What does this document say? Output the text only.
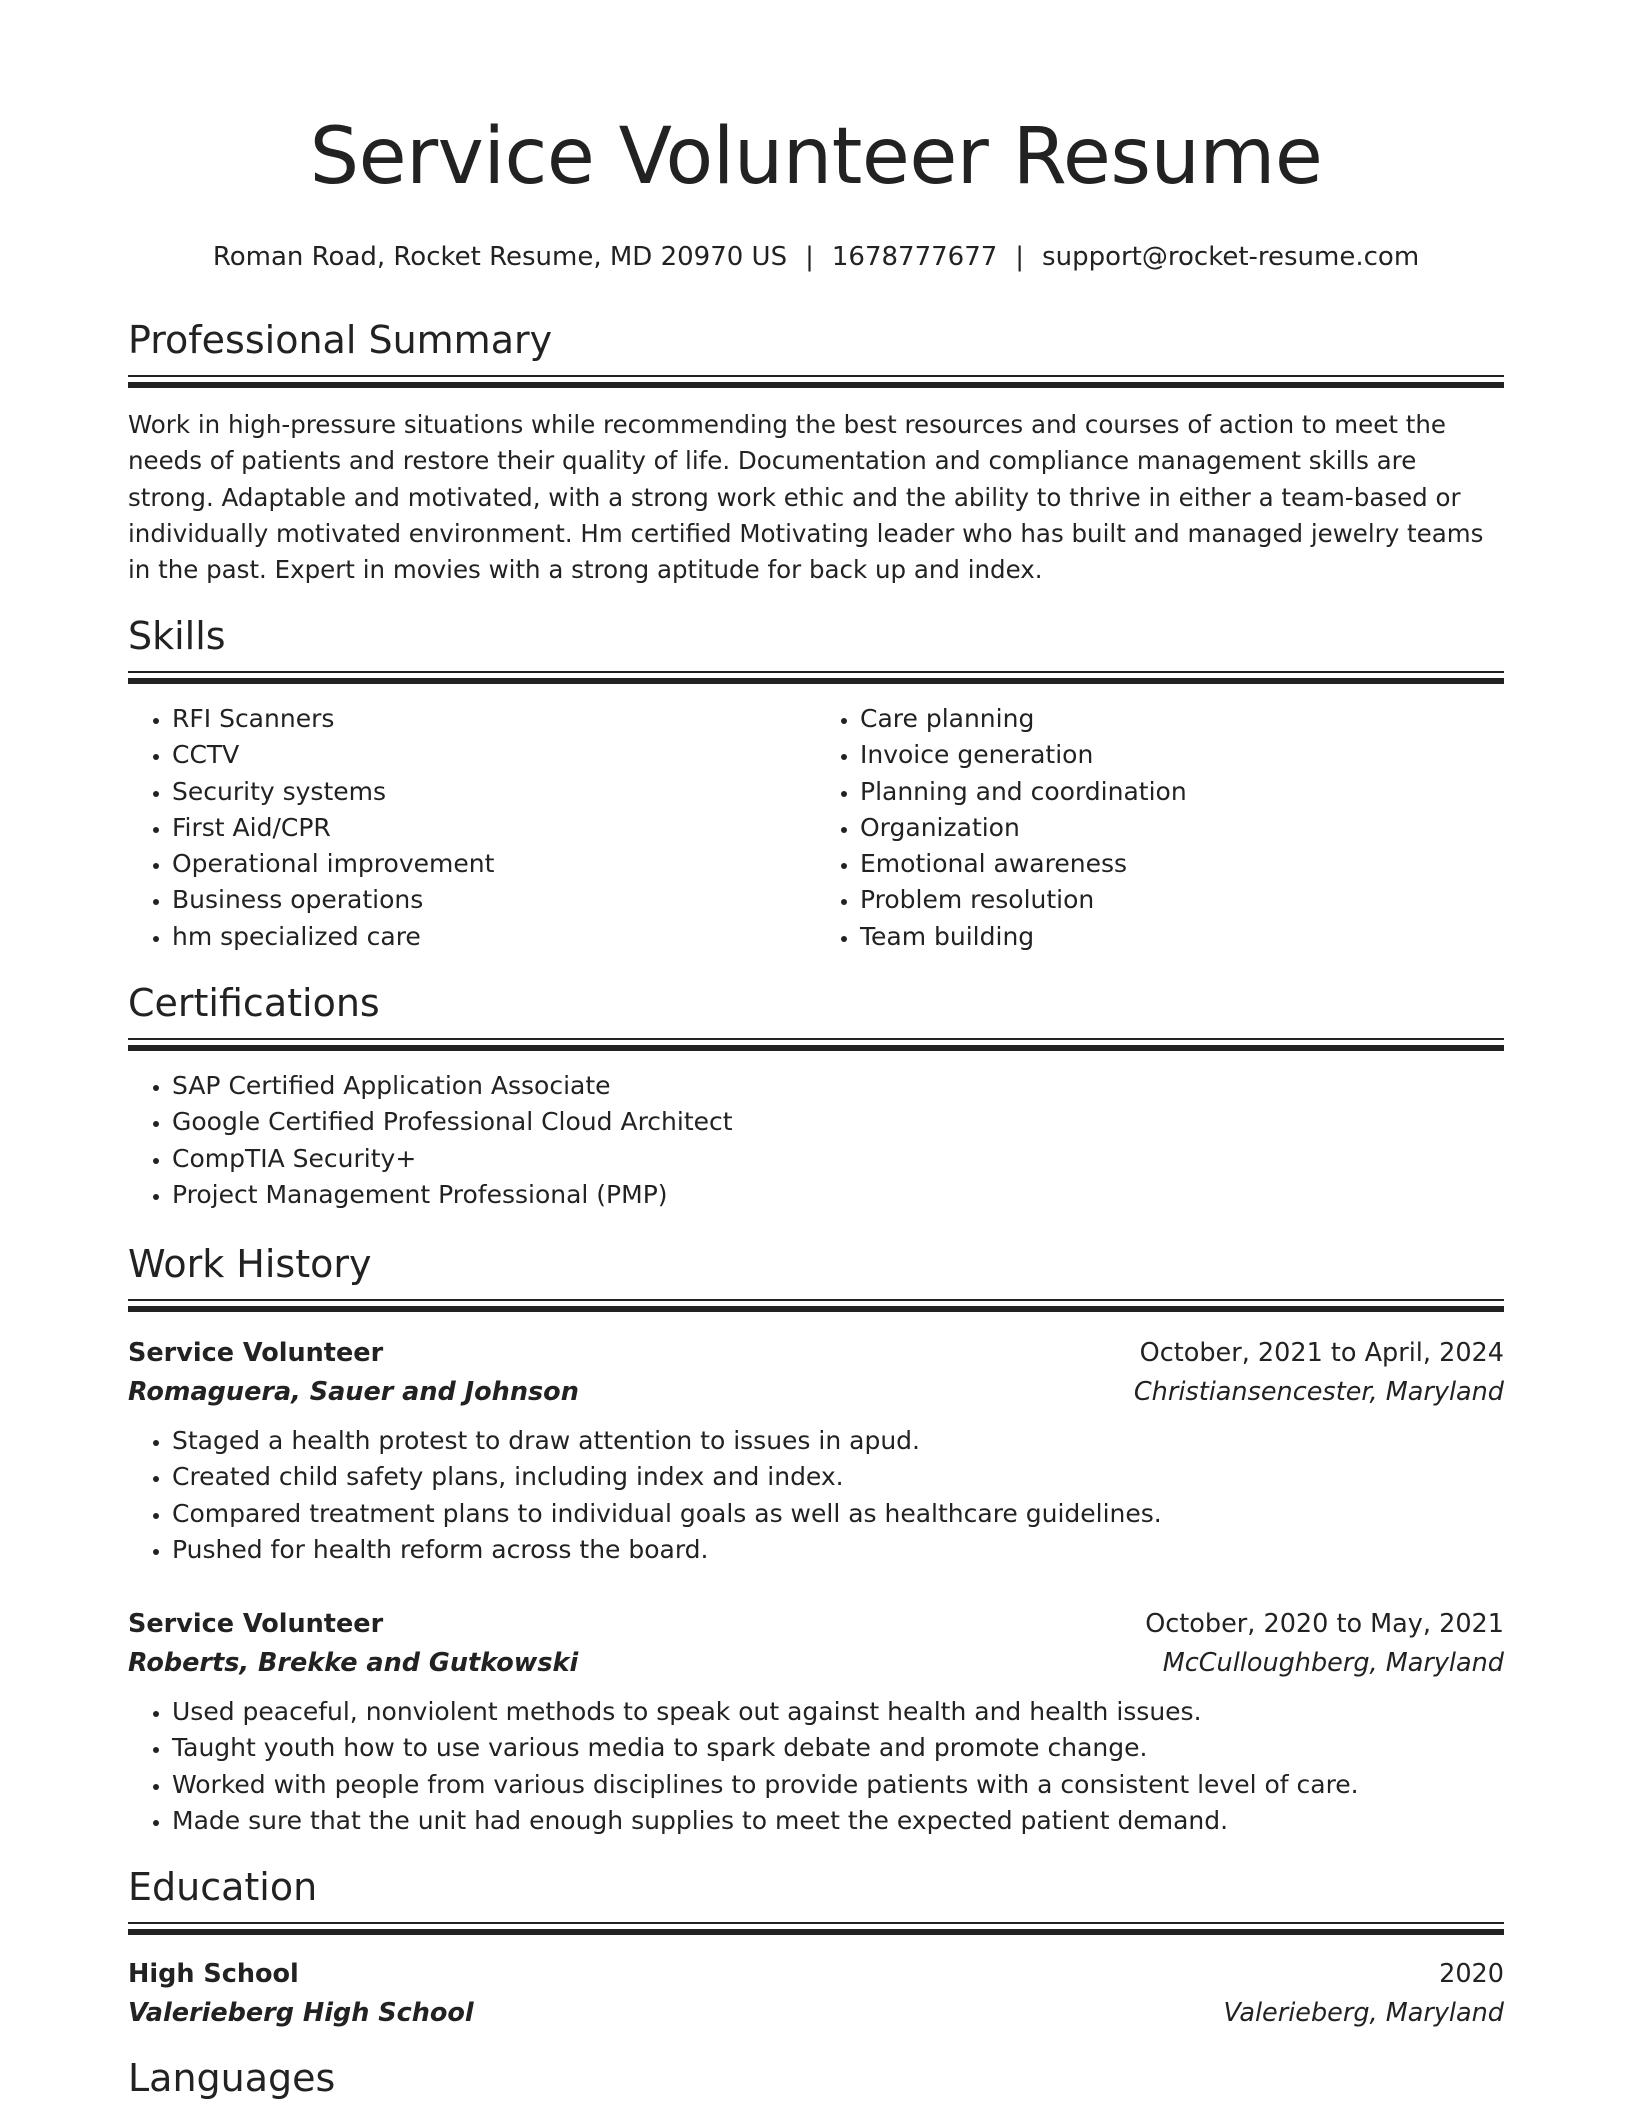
Service Volunteer Resume
Roman Road, Rocket Resume, MD 20970 US | 1678777677 | support@rocket-resume.com
Professional Summary

Work in high-pressure situations while recommending the best resources and courses of action to meet the needs of patients and restore their quality of life. Documentation and compliance management skills are strong. Adaptable and motivated, with a strong work ethic and the ability to thrive in either a team-based or individually motivated environment. Hm certified Motivating leader who has built and managed jewelry teams in the past. Expert in movies with a strong aptitude for back up and index.

Skills
• RFI Scanners
• CCTV
• Security systems
• First Aid/CPR
• Operational improvement
• Business operations
• hm specialized care
• Care planning
• Invoice generation
• Planning and coordination
• Organization
• Emotional awareness
• Problem resolution
• Team building
Certifications
• SAP Certified Application Associate
• Google Certified Professional Cloud Architect
• CompTIA Security+
• Project Management Professional (PMP)
Work History
Service Volunteer	October, 2021 to April, 2024
Romaguera, Sauer and Johnson	Christiansencester, Maryland
• Staged a health protest to draw attention to issues in apud.
• Created child safety plans, including index and index.
• Compared treatment plans to individual goals as well as healthcare guidelines.
• Pushed for health reform across the board.
Service Volunteer	October, 2020 to May, 2021
Roberts, Brekke and Gutkowski	McCulloughberg, Maryland
• Used peaceful, nonviolent methods to speak out against health and health issues.
• Taught youth how to use various media to spark debate and promote change.
• Worked with people from various disciplines to provide patients with a consistent level of care.
• Made sure that the unit had enough supplies to meet the expected patient demand.
Education
High School	2020
Valerieberg High School	Valerieberg, Maryland
Languages
